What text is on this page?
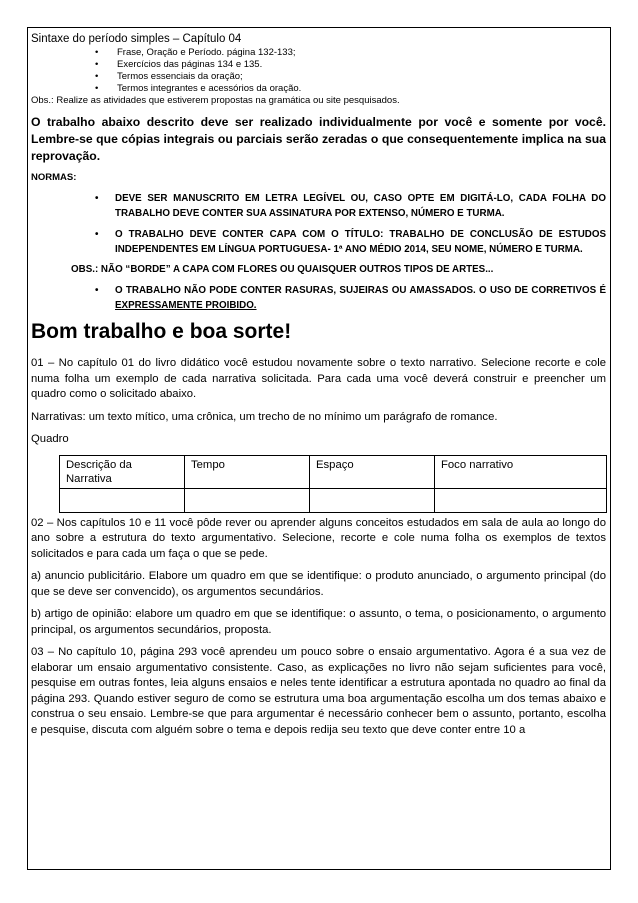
Sintaxe do período simples – Capítulo 04

• Frase, Oração e Período. página 132-133;
• Exercícios das páginas 134 e 135.
• Termos essenciais da oração;
• Termos integrantes e acessórios da oração.

Obs.: Realize as atividades que estiverem propostas na gramática ou site pesquisados.

O trabalho abaixo descrito deve ser realizado individualmente por você e somente por você. Lembre-se que cópias integrais ou parciais serão zeradas o que consequentemente implica na sua reprovação.

NORMAS:

• DEVE SER MANUSCRITO EM LETRA LEGÍVEL OU, CASO OPTE EM DIGITÁ-LO, CADA FOLHA DO TRABALHO DEVE CONTER SUA ASSINATURA POR EXTENSO, NÚMERO E TURMA.
• O TRABALHO DEVE CONTER CAPA COM O TÍTULO: TRABALHO DE CONCLUSÃO DE ESTUDOS INDEPENDENTES EM LÍNGUA PORTUGUESA- 1ª ANO MÉDIO 2014, SEU NOME, NÚMERO E TURMA.

OBS.: NÃO “BORDE” A CAPA COM FLORES OU QUAISQUER OUTROS TIPOS DE ARTES...

• O TRABALHO NÃO PODE CONTER RASURAS, SUJEIRAS OU AMASSADOS. O USO DE CORRETIVOS É EXPRESSAMENTE PROIBIDO.

Bom trabalho e boa sorte!

01 – No capítulo 01 do livro didático você estudou novamente sobre o texto narrativo. Selecione recorte e cole numa folha um exemplo de cada narrativa solicitada. Para cada uma você deverá construir e preencher um quadro como o solicitado abaixo.

Narrativas: um texto mítico, uma crônica, um trecho de no mínimo um parágrafo de romance.

Quadro

Descrição da Narrativa	Tempo	Espaço	Foco narrativo

02 – Nos capítulos 10 e 11 você pôde rever ou aprender alguns conceitos estudados em sala de aula ao longo do ano sobre a estrutura do texto argumentativo. Selecione, recorte e cole numa folha os exemplos de textos solicitados e para cada um faça o que se pede.

a) anuncio publicitário. Elabore um quadro em que se identifique: o produto anunciado, o argumento principal (do que se deve ser convencido), os argumentos secundários.

b) artigo de opinião: elabore um quadro em que se identifique: o assunto, o tema, o posicionamento, o argumento principal, os argumentos secundários, proposta.

03 – No capítulo 10, página 293 você aprendeu um pouco sobre o ensaio argumentativo. Agora é a sua vez de elaborar um ensaio argumentativo consistente. Caso, as explicações no livro não sejam suficientes para você, pesquise em outras fontes, leia alguns ensaios e neles tente identificar a estrutura apontada no quadro ao final da página 293. Quando estiver seguro de como se estrutura uma boa argumentação escolha um dos temas abaixo e construa o seu ensaio. Lembre-se que para argumentar é necessário conhecer bem o assunto, portanto, escolha e pesquise, discuta com alguém sobre o tema e depois redija seu texto que deve conter entre 10 a
